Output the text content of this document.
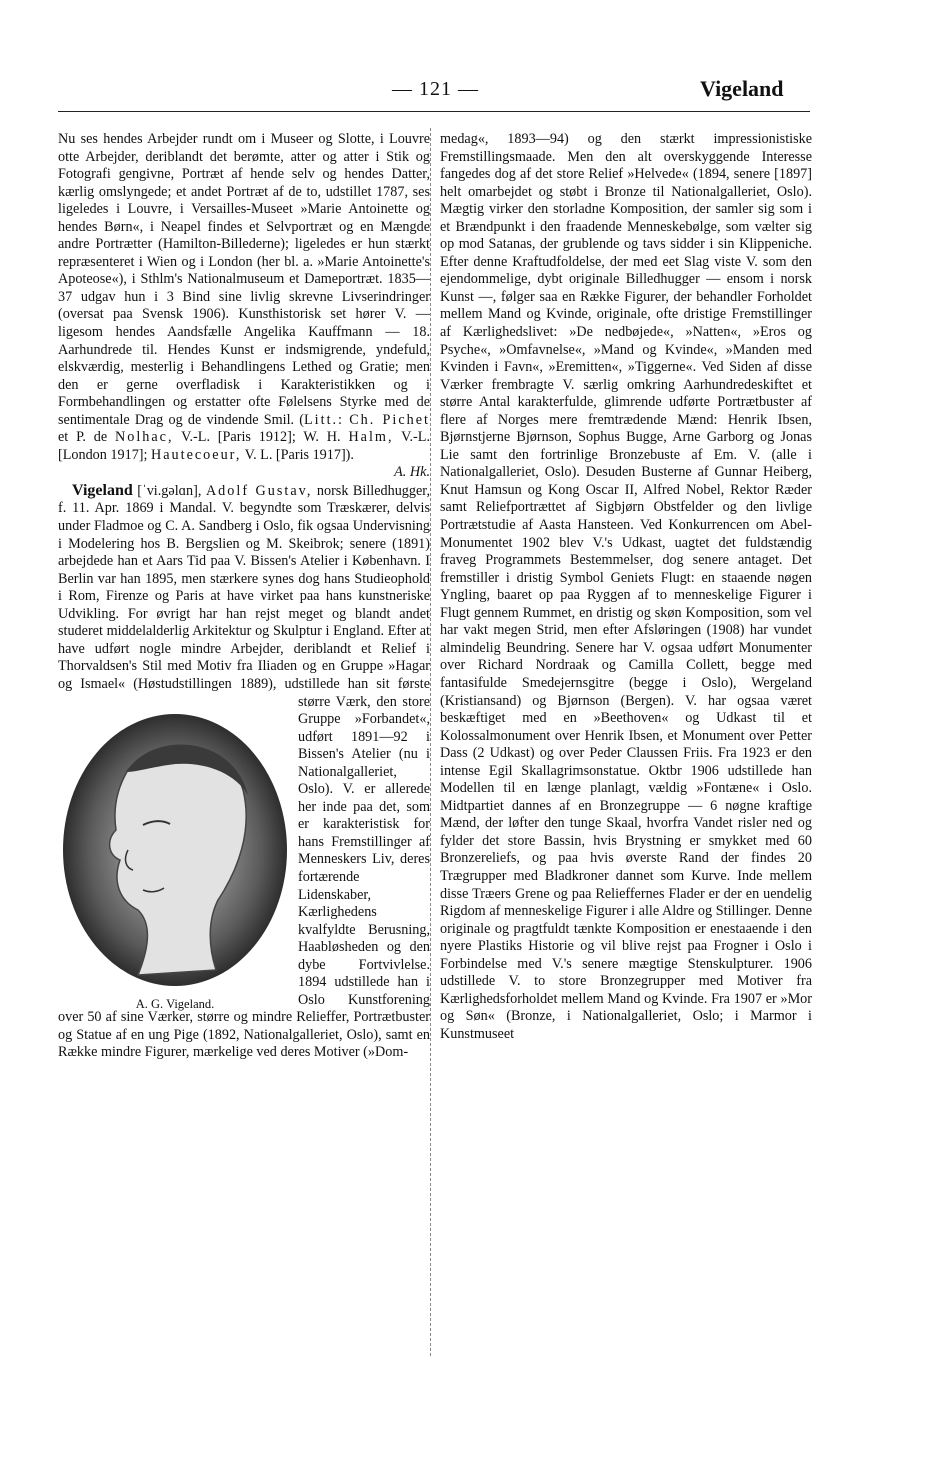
— 121 —	Vigeland

Nu ses hendes Arbejder rundt om i Museer og Slotte, i Louvre otte Arbejder, deriblandt det berømte, atter og atter i Stik og Fotografi gengivne, Portræt af hende selv og hendes Datter, kærlig omslyngede; et andet Portræt af de to, udstillet 1787, ses ligeledes i Louvre, i Versailles-Museet »Marie Antoinette og hendes Børn«, i Neapel findes et Selvportræt og en Mængde andre Portrætter (Hamilton-Billederne); ligeledes er hun stærkt repræsenteret i Wien og i London (her bl. a. »Marie Antoinette's Apoteose«), i Sthlm's Nationalmuseum et Dameportræt. 1835—37 udgav hun i 3 Bind sine livlig skrevne Livserindringer (oversat paa Svensk 1906). Kunsthistorisk set hører V. — ligesom hendes Aandsfælle Angelika Kauffmann — 18. Aarhundrede til. Hendes Kunst er indsmigrende, yndefuld, elskværdig, mesterlig i Behandlingens Lethed og Gratie; men den er gerne overfladisk i Karakteristikken og i Formbehandlingen og erstatter ofte Følelsens Styrke med de sentimentale Drag og de vindende Smil. (Litt.: Ch. Pichet et P. de Nolhac, V.-L. [Paris 1912]; W. H. Halm, V.-L. [London 1917]; Hautecoeur, V. L. [Paris 1917]).

A. Hk.

Vigeland [ˈvi.gəlɑn], Adolf Gustav, norsk Billedhugger, f. 11. Apr. 1869 i Mandal. V. begyndte som Træskærer, delvis under Fladmoe og C. A. Sandberg i Oslo, fik ogsaa Undervisning i Modelering hos B. Bergslien og M. Skeibrok; senere (1891) arbejdede han et Aars Tid paa V. Bissen's Atelier i København. I Berlin var han 1895, men stærkere synes dog hans Studieophold i Rom, Firenze og Paris at have virket paa hans kunstneriske Udvikling. For øvrigt har han rejst meget og blandt andet studeret middelalderlig Arkitektur og Skulptur i England. Efter at have udført nogle mindre Arbejder, deriblandt et Relief i Thorvaldsen's Stil med Motiv fra Iliaden og en Gruppe »Hagar og Ismael« (Høstudstillingen 1889), udstillede han sit første større Værk, den store Gruppe »Forbandet«, udført 1891—92 i Bissen's Atelier (nu i Nationalgalleriet, Oslo). V. er allerede her inde paa det, som er karakteristisk for hans Fremstillinger af Menneskers Liv, deres fortærende Lidenskaber, Kærlighedens kvalfyldte Berusning, Haabløsheden og den dybe Fortvivlelse. 1894 udstillede han i Oslo Kunstforening over 50 af sine Værker, større og mindre Relieffer, Portrætbuster og Statue af en ung Pige (1892, Nationalgalleriet, Oslo), samt en Række mindre Figurer, mærkelige ved deres Motiver (»Dom-

medag«, 1893—94) og den stærkt impressionistiske Fremstillingsmaade. Men den alt overskyggende Interesse fangedes dog af det store Relief »Helvede« (1894, senere [1897] helt omarbejdet og støbt i Bronze til Nationalgalleriet, Oslo). Mægtig virker den storladne Komposition, der samler sig som i et Brændpunkt i den fraadende Menneskebølge, som vælter sig op mod Satanas, der grublende og tavs sidder i sin Klippeniche. Efter denne Kraftudfoldelse, der med eet Slag viste V. som den ejendommelige, dybt originale Billedhugger — ensom i norsk Kunst —, følger saa en Række Figurer, der behandler Forholdet mellem Mand og Kvinde, originale, ofte dristige Fremstillinger af Kærlighedslivet: »De nedbøjede«, »Natten«, »Eros og Psyche«, »Omfavnelse«, »Mand og Kvinde«, »Manden med Kvinden i Favn«, »Eremitten«, »Tiggerne«. Ved Siden af disse Værker frembragte V. særlig omkring Aarhundredeskiftet et større Antal karakterfulde, glimrende udførte Portrætbuster af flere af Norges mere fremtrædende Mænd: Henrik Ibsen, Bjørnstjerne Bjørnson, Sophus Bugge, Arne Garborg og Jonas Lie samt den fortrinlige Bronzebuste af Em. V. (alle i Nationalgalleriet, Oslo). Desuden Busterne af Gunnar Heiberg, Knut Hamsun og Kong Oscar II, Alfred Nobel, Rektor Ræder samt Reliefportrættet af Sigbjørn Obstfelder og den livlige Portrætstudie af Aasta Hansteen. Ved Konkurrencen om Abel-Monumentet 1902 blev V.'s Udkast, uagtet det fuldstændig fraveg Programmets Bestemmelser, dog senere antaget. Det fremstiller i dristig Symbol Geniets Flugt: en staaende nøgen Yngling, baaret op paa Ryggen af to menneskelige Figurer i Flugt gennem Rummet, en dristig og skøn Komposition, som vel har vakt megen Strid, men efter Afsløringen (1908) har vundet almindelig Beundring. Senere har V. ogsaa udført Monumenter over Richard Nordraak og Camilla Collett, begge med fantasifulde Smedejernsgitre (begge i Oslo), Wergeland (Kristiansand) og Bjørnson (Bergen). V. har ogsaa været beskæftiget med en »Beethoven« og Udkast til et Kolossalmonument over Henrik Ibsen, et Monument over Petter Dass (2 Udkast) og over Peder Claussen Friis. Fra 1923 er den intense Egil Skallagrimsonstatue. Oktbr 1906 udstillede han Modellen til en længe planlagt, vældig »Fontæne« i Oslo. Midtpartiet dannes af en Bronzegruppe — 6 nøgne kraftige Mænd, der løfter den tunge Skaal, hvorfra Vandet risler ned og fylder det store Bassin, hvis Brystning er smykket med 60 Bronzereliefs, og paa hvis øverste Rand der findes 20 Trægrupper med Bladkroner dannet som Kurve. Inde mellem disse Træers Grene og paa Relieffernes Flader er der en uendelig Rigdom af menneskelige Figurer i alle Aldre og Stillinger. Denne originale og pragtfuldt tænkte Komposition er enestaaende i den nyere Plastiks Historie og vil blive rejst paa Frogner i Oslo i Forbindelse med V.'s senere mægtige Stenskulpturer. 1906 udstillede V. to store Bronzegrupper med Motiver fra Kærlighedsforholdet mellem Mand og Kvinde. Fra 1907 er »Mor og Søn« (Bronze, i Nationalgalleriet, Oslo; i Marmor i Kunstmuseet

A. G. Vigeland.
